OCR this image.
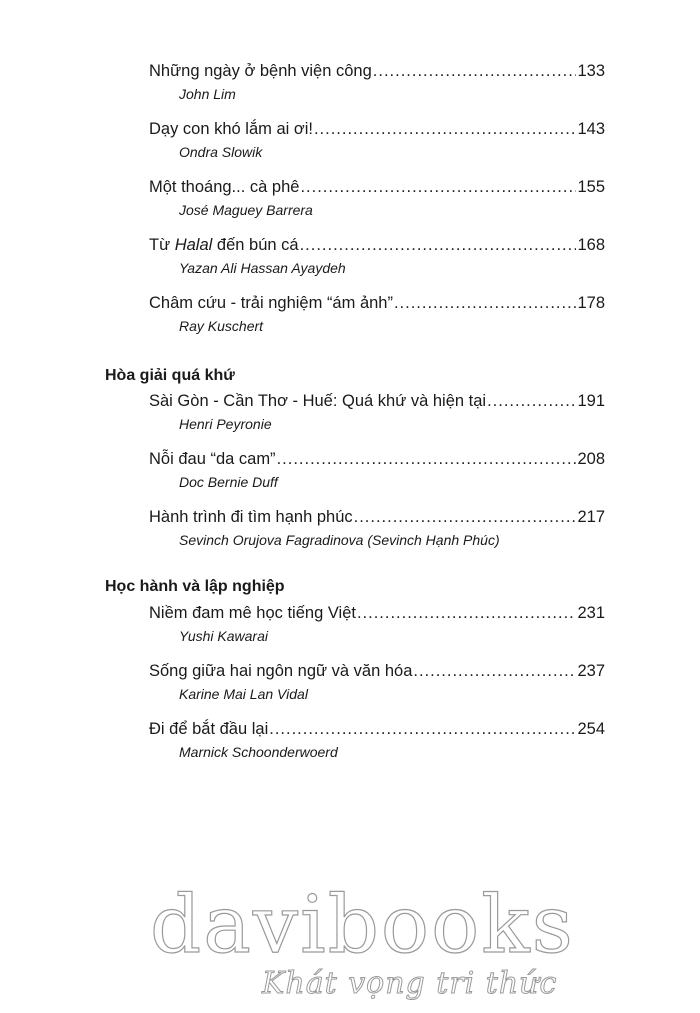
Những ngày ở bệnh viện công .....	133
John Lim
Dạy con khó lắm ai ơi! .....	143
Ondra Slowik
Một thoáng... cà phê .....	155
José Maguey Barrera
Từ Halal đến bún cá .....	168
Yazan Ali Hassan Ayaydeh
Châm cứu - trải nghiệm “ám ảnh” .....	178
Ray Kuschert
Hòa giải quá khứ
Sài Gòn - Cần Thơ - Huế: Quá khứ và hiện tại .....	191
Henri Peyronie
Nỗi đau “da cam” .....	208
Doc Bernie Duff
Hành trình đi tìm hạnh phúc .....	217
Sevinch Orujova Fagradinova (Sevinch Hạnh Phúc)
Học hành và lập nghiệp
Niềm đam mê học tiếng Việt .....	231
Yushi Kawarai
Sống giữa hai ngôn ngữ và văn hóa .....	237
Karine Mai Lan Vidal
Đi để bắt đầu lại .....	254
Marnick Schoonderwoerd
davibooks
Khát vọng tri thức
